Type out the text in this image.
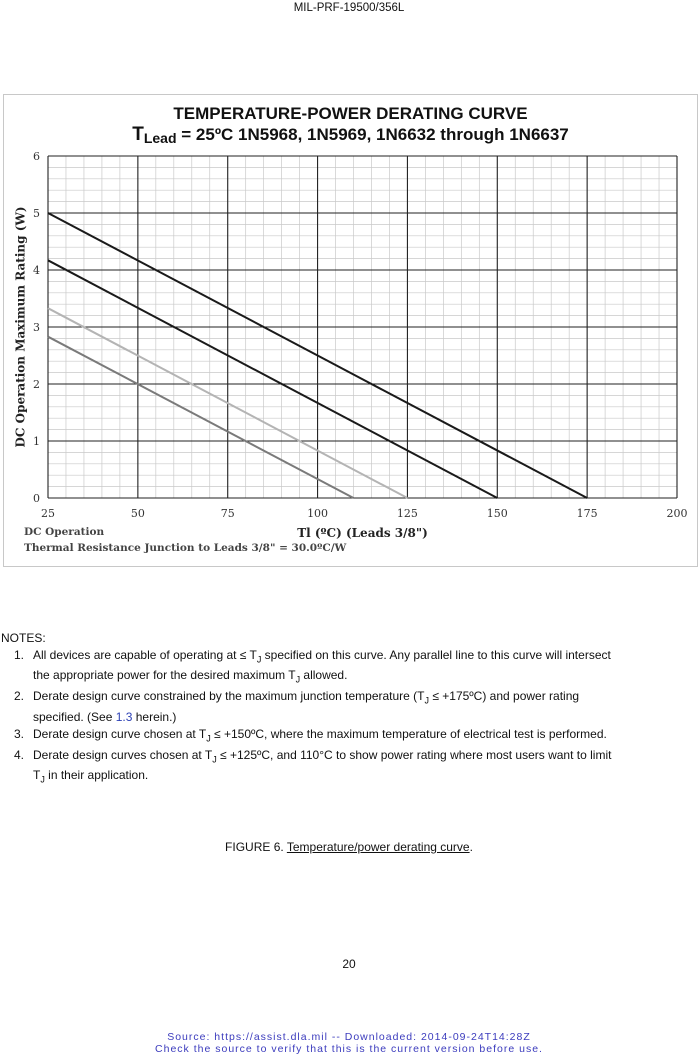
MIL-PRF-19500/356L
TEMPERATURE-POWER DERATING CURVE
$T_{Lead}$ = 25ºC 1N5968, 1N5969, 1N6632 through 1N6637
25	50	75	100	125	150	175	200
0
1
2
3
4
5
6
Tl (ºC) (Leads 3/8")
DC Operation Maximum Rating (W)
DC Operation
Thermal Resistance Junction to Leads 3/8" = 30.0ºC/W
NOTES:
1. All devices are capable of operating at ≤ $T_J$ specified on this curve. Any parallel line to this curve will intersect
the appropriate power for the desired maximum $T_J$ allowed.
2. Derate design curve constrained by the maximum junction temperature ($T_J$ ≤ +175ºC) and power rating
specified. (See 1.3 herein.)
3. Derate design curve chosen at $T_J$ ≤ +150ºC, where the maximum temperature of electrical test is performed.
4. Derate design curves chosen at $T_J$ ≤ +125ºC, and 110°C to show power rating where most users want to limit
$T_J$ in their application.
FIGURE 6. Temperature/power derating curve.
20
Source: https://assist.dla.mil -- Downloaded: 2014-09-24T14:28Z
Check the source to verify that this is the current version before use.
